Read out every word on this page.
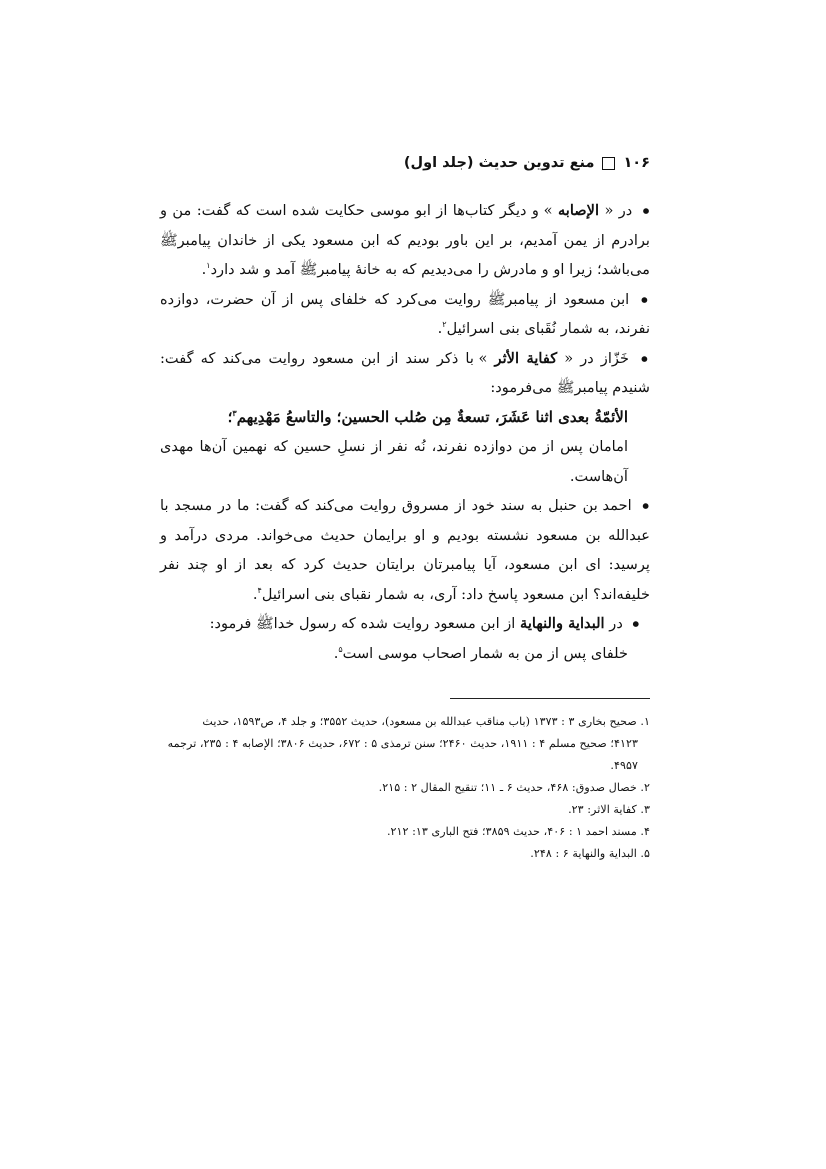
۱۰۶
منع تدوین حدیث (جلد اول)

● در « الإصابه » و دیگر کتاب‌ها از ابو موسی حکایت شده است که گفت: من و برادرم از یمن آمدیم، بر این باور بودیم که ابن مسعود یکی از خاندان پیامبرﷺ می‌باشد؛ زیرا او و مادرش را می‌دیدیم که به خانهٔ پیامبرﷺ آمد و شد دارد$^۱$.

● ابن مسعود از پیامبرﷺ روایت می‌کرد که خلفای پس از آن حضرت، دوازده نفرند، به شمار نُقَبای بنی اسرائیل$^۲$.

● خَزّاز در « کفایة الأثر » با ذکر سند از ابن مسعود روایت می‌کند که گفت: شنیدم پیامبرﷺ می‌فرمود:

الأئمّةُ بعدی اثنا عَشَرَ، تسعةٌ مِن صُلب الحسین؛ والتاسعُ مَهْدِیهم$^۳$؛

امامان پس از من دوازده نفرند، نُه نفر از نسلِ حسین که نهمین آن‌ها مهدی آن‌هاست.

● احمد بن حنبل به سند خود از مسروق روایت می‌کند که گفت: ما در مسجد با عبدالله بن مسعود نشسته بودیم و او برایمان حدیث می‌خواند. مردی درآمد و پرسید: ای ابن مسعود، آیا پیامبرتان برایتان حدیث کرد که بعد از او چند نفر خلیفه‌اند؟ ابن مسعود پاسخ داد: آری، به شمار نقبای بنی اسرائیل$^۴$.

● در البدایة والنهایة از ابن مسعود روایت شده که رسول خداﷺ فرمود:

خلفای پس از من به شمار اصحاب موسی است$^۵$.

۱. صحیح بخاری ۳ : ۱۳۷۳ (باب مناقب عبدالله بن مسعود)، حدیث ۳۵۵۲؛ و جلد ۴، ص۱۵۹۳، حدیث
۴۱۲۳؛ صحیح مسلم ۴ : ۱۹۱۱، حدیث ۲۴۶۰؛ سنن ترمذی ۵ : ۶۷۲، حدیث ۳۸۰۶؛ الإصابه ۴ : ۲۳۵، ترجمه ۴۹۵۷.

۲. خصال صدوق: ۴۶۸، حدیث ۶ ـ ۱۱؛ تنقیح المقال ۲ : ۲۱۵.

۳. کفایة الاثر: ۲۳.

۴. مسند احمد ۱ : ۴۰۶، حدیث ۳۸۵۹؛ فتح الباری ۱۳: ۲۱۲.

۵. البدایة والنهایة ۶ : ۲۴۸.
